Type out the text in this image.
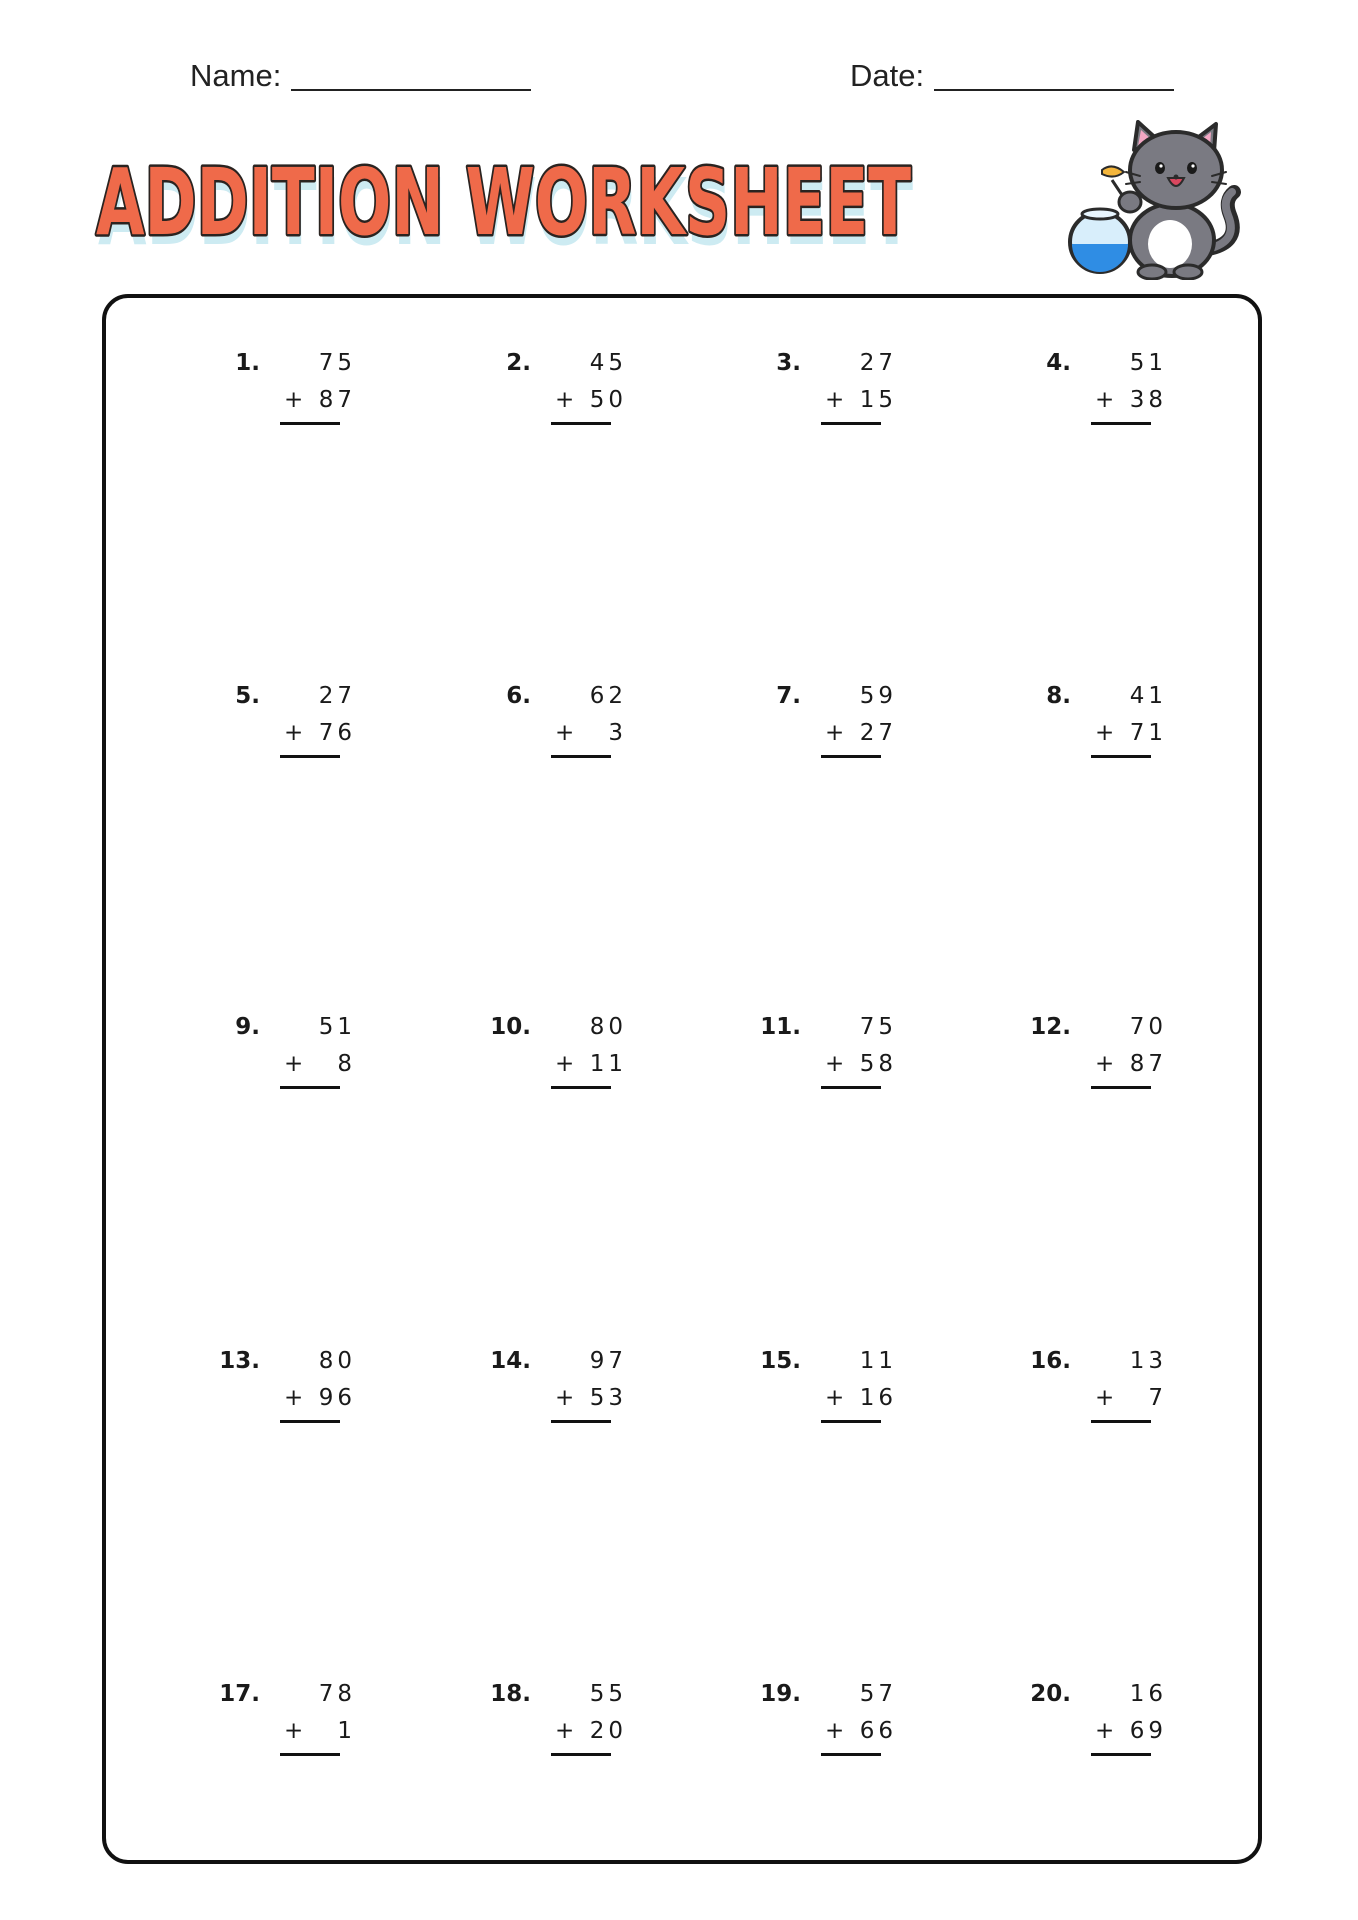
Name:	Date:
ADDITION WORKSHEET
ADDITION WORKSHEET
1.	75
+ 87
2.	45
+ 50
3.	27
+ 15
4.	51
+ 38
5.	27
+ 76
6.	62
+	3
7.	59
+ 27
8.	41
+ 71
9.	51
+	8
10.	80
+ 11
11.	75
+ 58
12.	70
+ 87
13.	80
+ 96
14.	97
+ 53
15.	11
+ 16
16.	13
+	7
17.	78
+	1
18.	55
+ 20
19.	57
+ 66
20.	16
+ 69
